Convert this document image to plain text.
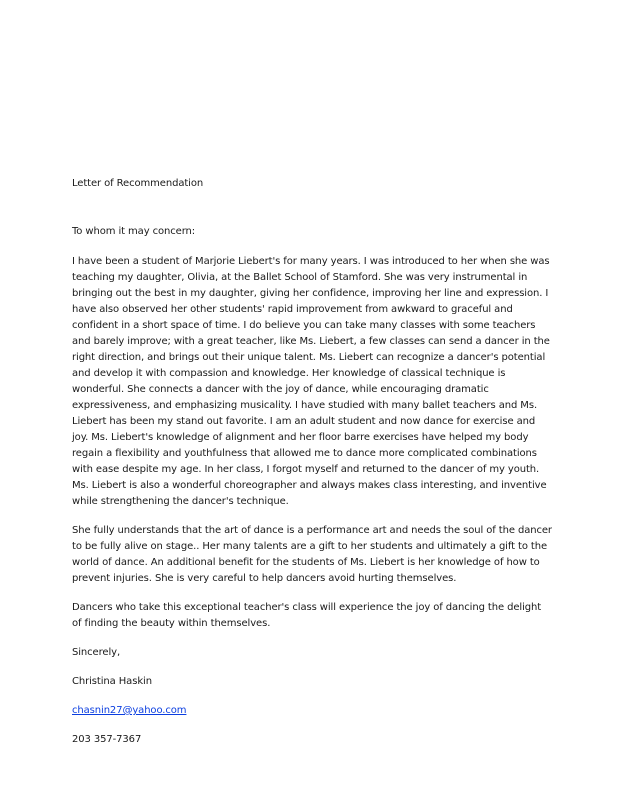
Letter of Recommendation

To whom it may concern:

I have been a student of Marjorie Liebert's for many years. I was introduced to her when she was teaching my daughter, Olivia, at the Ballet School of Stamford. She was very instrumental in bringing out the best in my daughter, giving her confidence, improving her line and expression. I have also observed her other students' rapid improvement from awkward to graceful and confident in a short space of time. I do believe you can take many classes with some teachers and barely improve; with a great teacher, like Ms. Liebert, a few classes can send a dancer in the right direction, and brings out their unique talent. Ms. Liebert can recognize a dancer's potential and develop it with compassion and knowledge. Her knowledge of classical technique is wonderful. She connects a dancer with the joy of dance, while encouraging dramatic expressiveness, and emphasizing musicality. I have studied with many ballet teachers and Ms. Liebert has been my stand out favorite. I am an adult student and now dance for exercise and joy. Ms. Liebert's knowledge of alignment and her floor barre exercises have helped my body regain a flexibility and youthfulness that allowed me to dance more complicated combinations with ease despite my age. In her class, I forgot myself and returned to the dancer of my youth. Ms. Liebert is also a wonderful choreographer and always makes class interesting, and inventive while strengthening the dancer's technique.

She fully understands that the art of dance is a performance art and needs the soul of the dancer to be fully alive on stage.. Her many talents are a gift to her students and ultimately a gift to the world of dance. An additional benefit for the students of Ms. Liebert is her knowledge of how to prevent injuries. She is very careful to help dancers avoid hurting themselves.

Dancers who take this exceptional teacher's class will experience the joy of dancing the delight of finding the beauty within themselves.

Sincerely,

Christina Haskin

chasnin27@yahoo.com

203 357-7367
